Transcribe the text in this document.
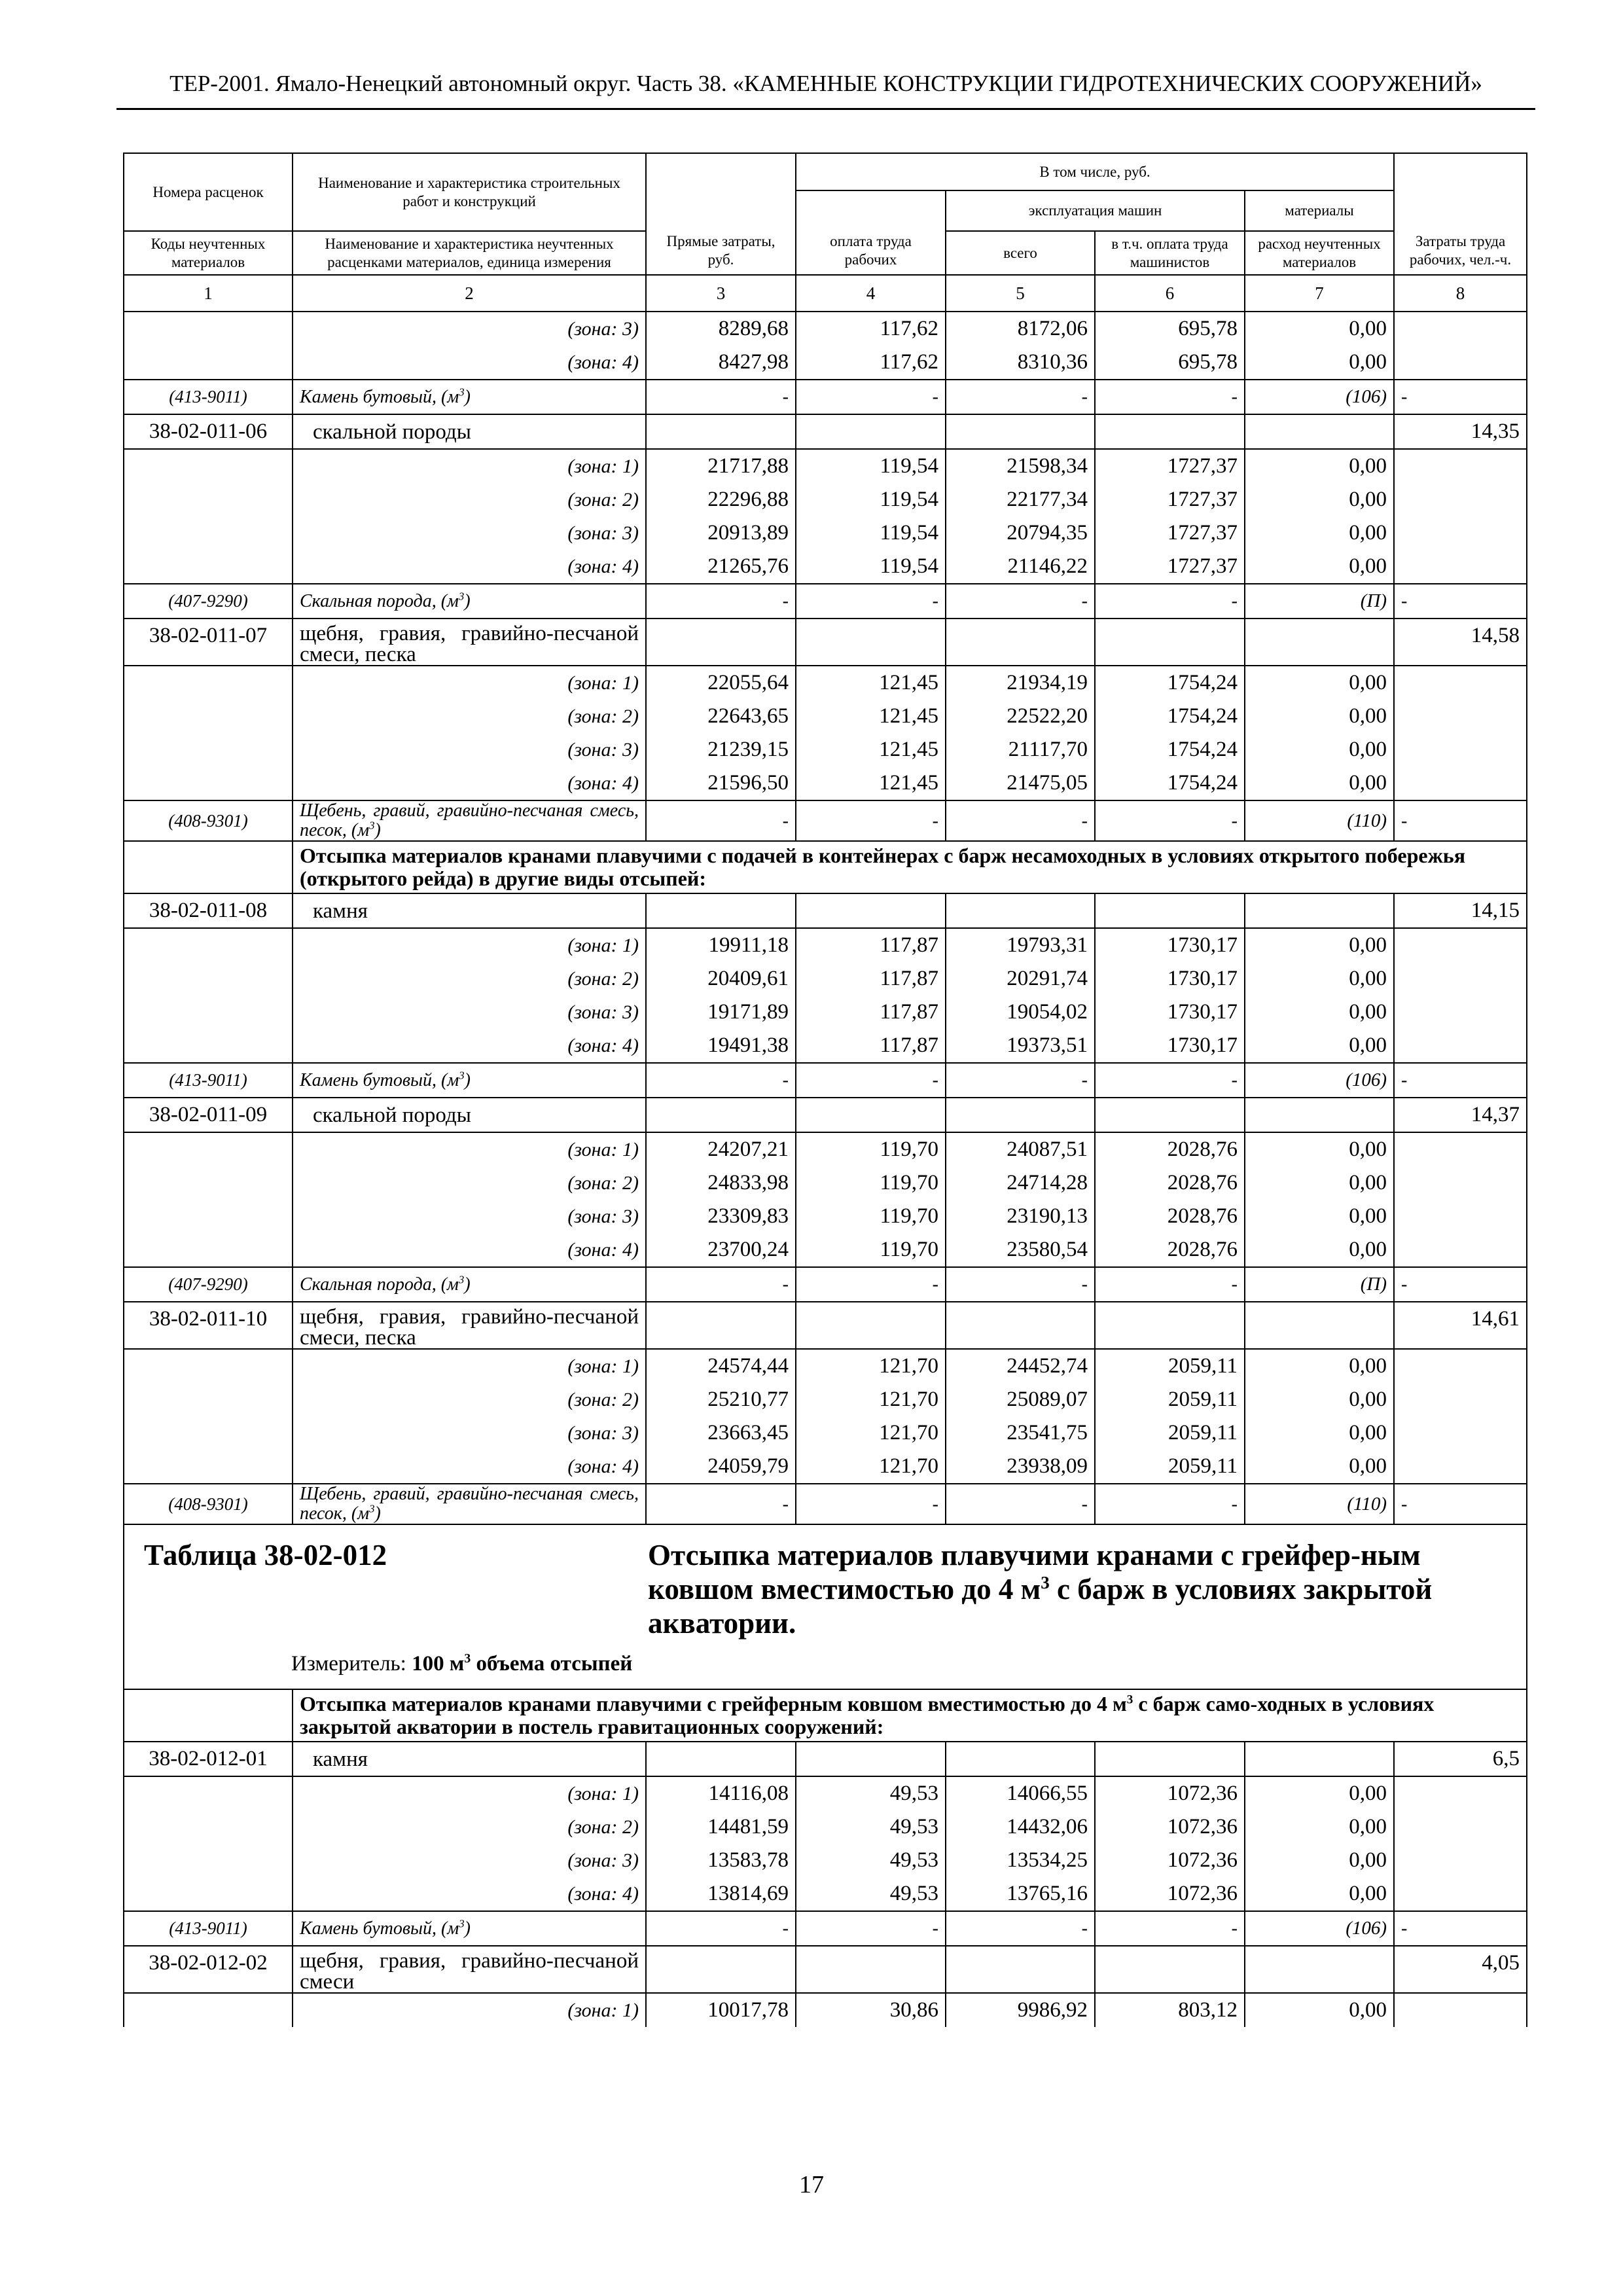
ТЕР-2001. Ямало-Ненецкий автономный округ. Часть 38. «КАМЕННЫЕ КОНСТРУКЦИИ ГИДРОТЕХНИЧЕСКИХ СООРУЖЕНИЙ»
Номера расценок	Наименование и характеристика строительных работ и конструкций	Прямые затраты, руб.	В том числе, руб.				Затраты труда рабочих, чел.-ч.
			оплата труда рабочих	эксплуатация машин		материалы	
Коды неучтенных материалов	Наименование и характеристика неучтенных расценками материалов, единица измерения			всего	в т.ч. оплата труда машинистов	расход неучтенных материалов	
1	2	3	4	5	6	7	8
	(зона: 3)	8289,68	117,62	8172,06	695,78	0,00	
	(зона: 4)	8427,98	117,62	8310,36	695,78	0,00	
(413-9011)	Камень бутовый, $(м^3)$	-	-	-	-	(106)	-
38-02-011-06	скальной породы						14,35
	(зона: 1)	21717,88	119,54	21598,34	1727,37	0,00	
	(зона: 2)	22296,88	119,54	22177,34	1727,37	0,00	
	(зона: 3)	20913,89	119,54	20794,35	1727,37	0,00	
	(зона: 4)	21265,76	119,54	21146,22	1727,37	0,00	
(407-9290)	Скальная порода, $(м^3)$	-	-	-	-	(П)	-
38-02-011-07	щебня, гравия, гравийно-песчаной смеси, песка						14,58
	(зона: 1)	22055,64	121,45	21934,19	1754,24	0,00	
	(зона: 2)	22643,65	121,45	22522,20	1754,24	0,00	
	(зона: 3)	21239,15	121,45	21117,70	1754,24	0,00	
	(зона: 4)	21596,50	121,45	21475,05	1754,24	0,00	
(408-9301)	Щебень, гравий, гравийно-песчаная смесь, песок, $(м^3)$	-	-	-	-	(110)	-
	Отсыпка материалов кранами плавучими с подачей в контейнерах с барж несамоходных в условиях открытого побережья (открытого рейда) в другие виды отсыпей:						
38-02-011-08	камня						14,15
	(зона: 1)	19911,18	117,87	19793,31	1730,17	0,00	
	(зона: 2)	20409,61	117,87	20291,74	1730,17	0,00	
	(зона: 3)	19171,89	117,87	19054,02	1730,17	0,00	
	(зона: 4)	19491,38	117,87	19373,51	1730,17	0,00	
(413-9011)	Камень бутовый, $(м^3)$	-	-	-	-	(106)	-
38-02-011-09	скальной породы						14,37
	(зона: 1)	24207,21	119,70	24087,51	2028,76	0,00	
	(зона: 2)	24833,98	119,70	24714,28	2028,76	0,00	
	(зона: 3)	23309,83	119,70	23190,13	2028,76	0,00	
	(зона: 4)	23700,24	119,70	23580,54	2028,76	0,00	
(407-9290)	Скальная порода, $(м^3)$	-	-	-	-	(П)	-
38-02-011-10	щебня, гравия, гравийно-песчаной смеси, песка						14,61
	(зона: 1)	24574,44	121,70	24452,74	2059,11	0,00	
	(зона: 2)	25210,77	121,70	25089,07	2059,11	0,00	
	(зона: 3)	23663,45	121,70	23541,75	2059,11	0,00	
	(зона: 4)	24059,79	121,70	23938,09	2059,11	0,00	
(408-9301)	Щебень, гравий, гравийно-песчаная смесь, песок, $(м^3)$	-	-	-	-	(110)	-

Таблица 38-02-012 Отсыпка материалов плавучими кранами с грейфер-ным ковшом вместимостью до 4 $м^3$ с барж в условиях закрытой акватории.
Измеритель: 100 $м^3$ объема отсыпей							

	Отсыпка материалов кранами плавучими с грейферным ковшом вместимостью до 4 $м^3$ с барж само-ходных в условиях закрытой акватории в постель гравитационных сооружений:						
38-02-012-01	камня						6,5
	(зона: 1)	14116,08	49,53	14066,55	1072,36	0,00	
	(зона: 2)	14481,59	49,53	14432,06	1072,36	0,00	
	(зона: 3)	13583,78	49,53	13534,25	1072,36	0,00	
	(зона: 4)	13814,69	49,53	13765,16	1072,36	0,00	
(413-9011)	Камень бутовый, $(м^3)$	-	-	-	-	(106)	-
38-02-012-02	щебня, гравия, гравийно-песчаной смеси						4,05
	(зона: 1)	10017,78	30,86	9986,92	803,12	0,00	
17
